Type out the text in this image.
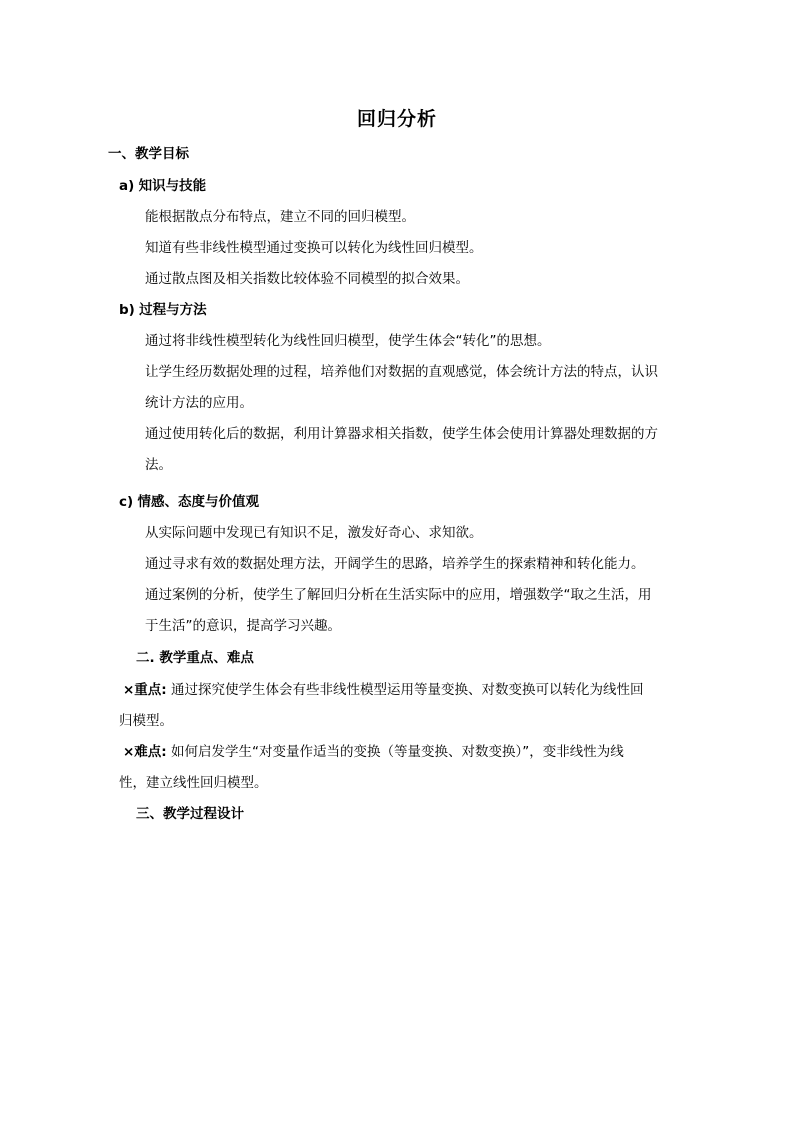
回归分析
一、教学目标
a) 知识与技能
能根据散点分布特点，建立不同的回归模型。
知道有些非线性模型通过变换可以转化为线性回归模型。
通过散点图及相关指数比较体验不同模型的拟合效果。
b) 过程与方法
通过将非线性模型转化为线性回归模型，使学生体会“转化”的思想。
让学生经历数据处理的过程，培养他们对数据的直观感觉，体会统计方法的特点，认识
统计方法的应用。
通过使用转化后的数据，利用计算器求相关指数，使学生体会使用计算器处理数据的方
法。
c) 情感、态度与价值观
从实际问题中发现已有知识不足，激发好奇心、求知欲。
通过寻求有效的数据处理方法，开阔学生的思路，培养学生的探索精神和转化能力。
通过案例的分析，使学生了解回归分析在生活实际中的应用，增强数学“取之生活，用
于生活”的意识，提高学习兴趣。
二. 教学重点、难点
×重点: 通过探究使学生体会有些非线性模型运用等量变换、对数变换可以转化为线性回
归模型。
×难点: 如何启发学生“对变量作适当的变换（等量变换、对数变换）”，变非线性为线
性，建立线性回归模型。
三、教学过程设计
